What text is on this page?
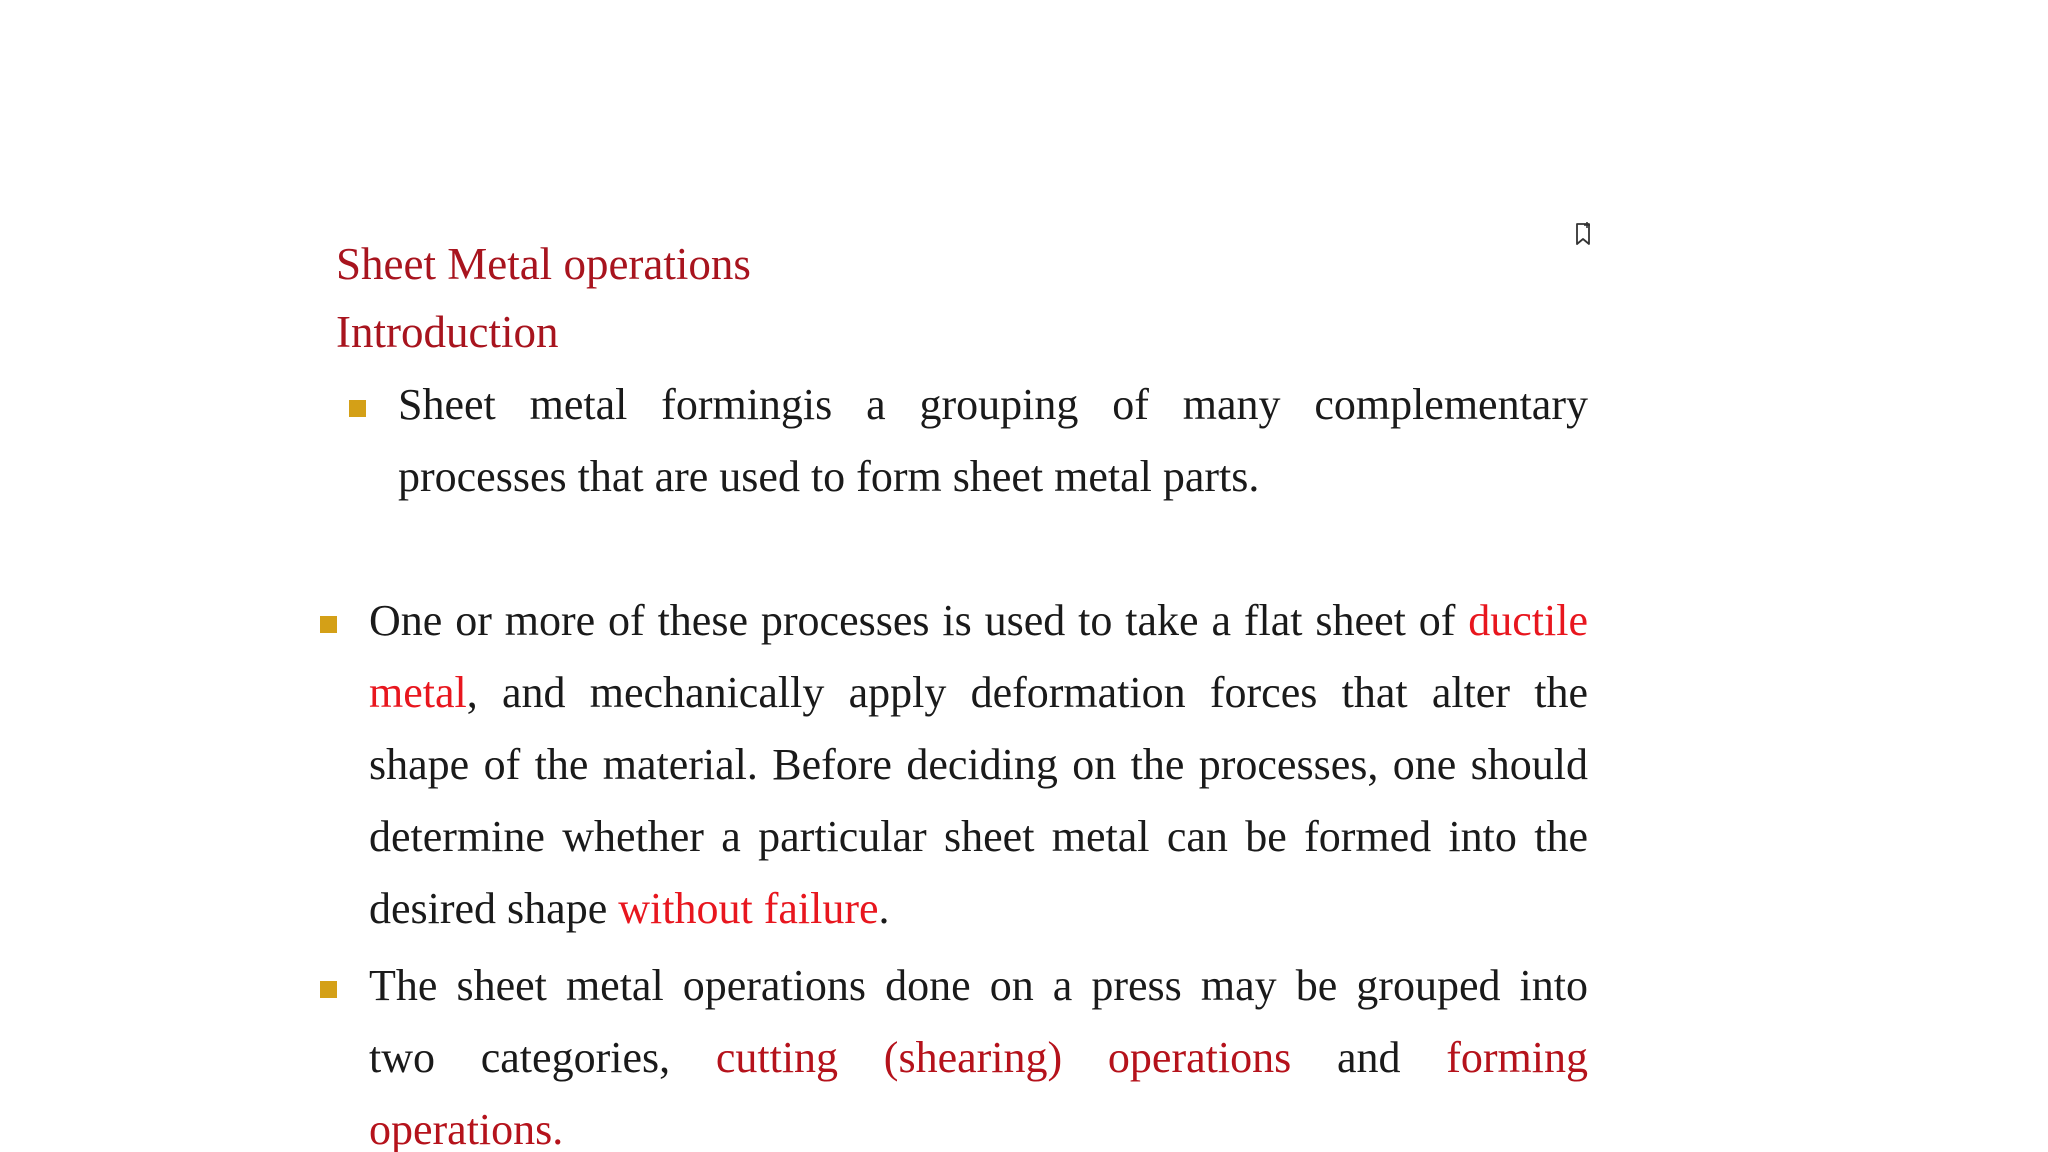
Sheet Metal operations
Introduction
Sheet metal formingis a grouping of many complementary processes that are used to form sheet metal parts.
One or more of these processes is used to take a flat sheet of ductile  metal, and mechanically apply deformation forces that alter the  shape of the material. Before deciding on the processes, one should  determine whether a particular sheet metal can be formed into the  desired shape without failure.
The sheet metal operations done on a press may be grouped into   two categories, cutting (shearing) operations and forming  operations.
